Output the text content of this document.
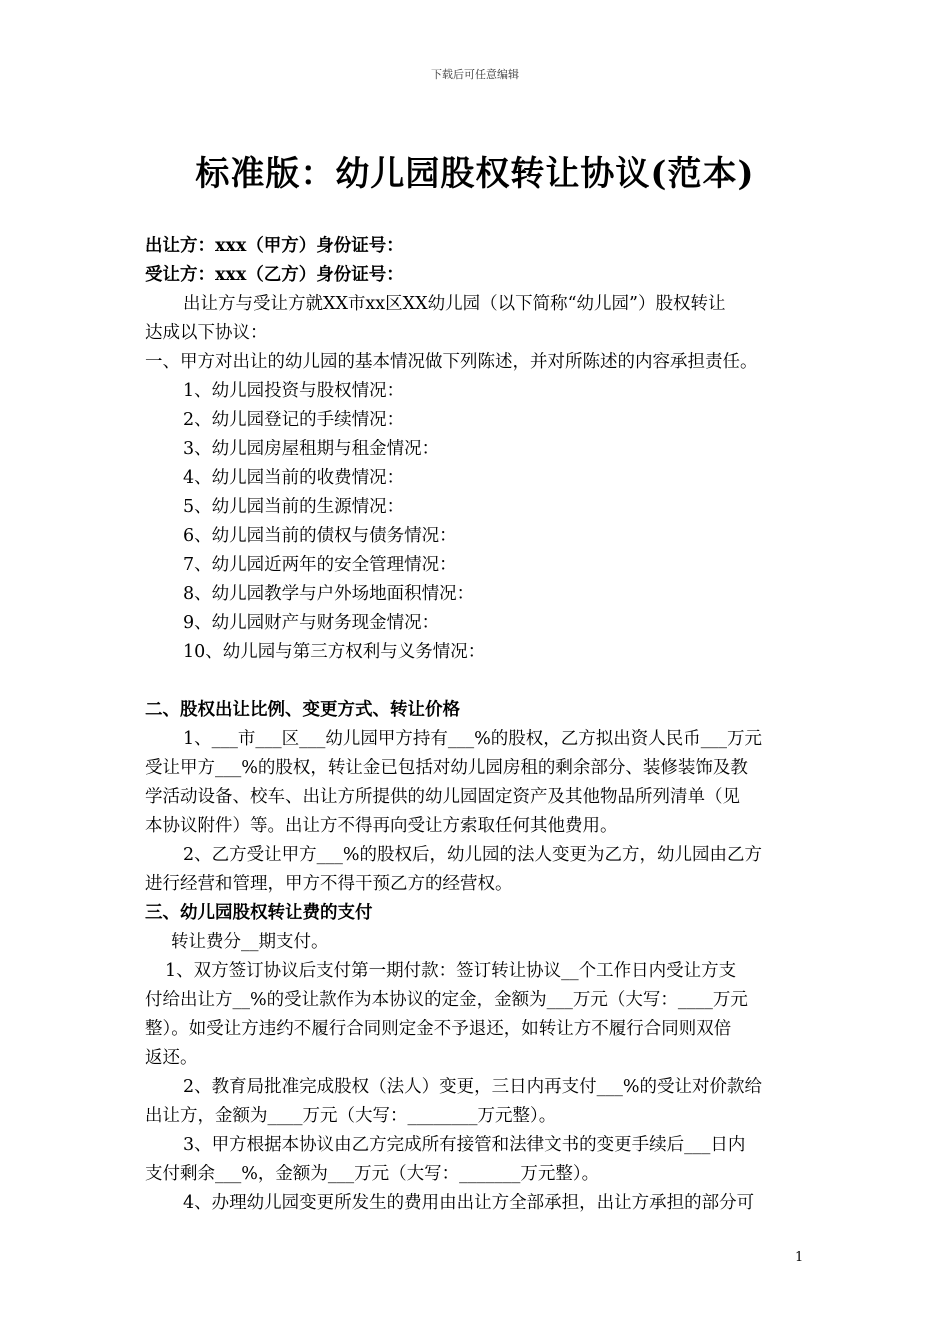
下载后可任意编辑
标准版：幼儿园股权转让协议(范本)
出让方：xxx（甲方）身份证号：
受让方：xxx（乙方）身份证号：
出让方与受让方就XX市xx区XX幼儿园（以下简称“幼儿园”）股权转让
达成以下协议：
一、甲方对出让的幼儿园的基本情况做下列陈述，并对所陈述的内容承担责任。
1、幼儿园投资与股权情况：
2、幼儿园登记的手续情况：
3、幼儿园房屋租期与租金情况：
4、幼儿园当前的收费情况：
5、幼儿园当前的生源情况：
6、幼儿园当前的债权与债务情况：
7、幼儿园近两年的安全管理情况：
8、幼儿园教学与户外场地面积情况：
9、幼儿园财产与财务现金情况：
10、幼儿园与第三方权利与义务情况：
二、股权出让比例、变更方式、转让价格
1、___市___区___幼儿园甲方持有___%的股权，乙方拟出资人民币___万元
受让甲方___%的股权，转让金已包括对幼儿园房租的剩余部分、装修装饰及教
学活动设备、校车、出让方所提供的幼儿园固定资产及其他物品所列清单（见
本协议附件）等。出让方不得再向受让方索取任何其他费用。
2、乙方受让甲方___%的股权后，幼儿园的法人变更为乙方，幼儿园由乙方
进行经营和管理，甲方不得干预乙方的经营权。
三、幼儿园股权转让费的支付
转让费分__期支付。
1、双方签订协议后支付第一期付款：签订转让协议__个工作日内受让方支
付给出让方__%的受让款作为本协议的定金，金额为___万元（大写：____万元
整）。如受让方违约不履行合同则定金不予退还，如转让方不履行合同则双倍
返还。
2、教育局批准完成股权（法人）变更，三日内再支付___%的受让对价款给
出让方，金额为____万元（大写：________万元整）。
3、甲方根据本协议由乙方完成所有接管和法律文书的变更手续后___日内
支付剩余___%，金额为___万元（大写：_______万元整）。
4、办理幼儿园变更所发生的费用由出让方全部承担，出让方承担的部分可
1
